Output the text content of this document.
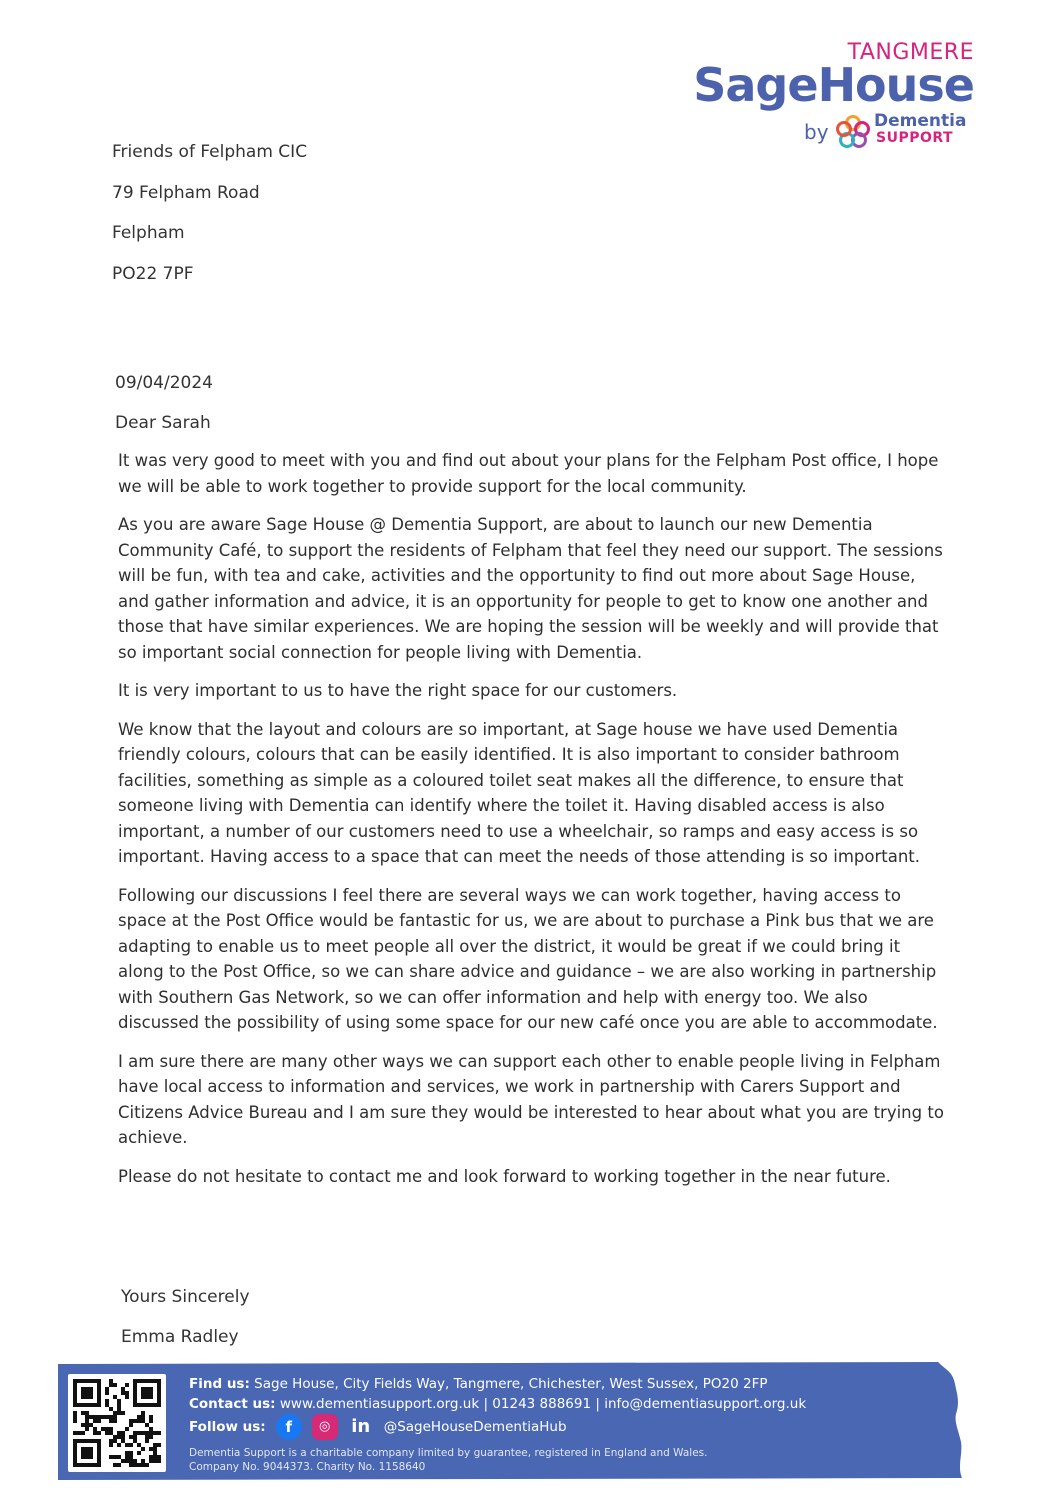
TANGMERE
SageHouse
by	Dementia
SUPPORT
Friends of Felpham CIC
79 Felpham Road
Felpham
PO22 7PF
09/04/2024
Dear Sarah

It was very good to meet with you and find out about your plans for the Felpham Post office, I hope we will be able to work together to provide support for the local community.

As you are aware Sage House @ Dementia Support, are about to launch our new Dementia Community Café, to support the residents of Felpham that feel they need our support. The sessions will be fun, with tea and cake, activities and the opportunity to find out more about Sage House, and gather information and advice, it is an opportunity for people to get to know one another and those that have similar experiences. We are hoping the session will be weekly and will provide that so important social connection for people living with Dementia.

It is very important to us to have the right space for our customers.

We know that the layout and colours are so important, at Sage house we have used Dementia friendly colours, colours that can be easily identified. It is also important to consider bathroom facilities, something as simple as a coloured toilet seat makes all the difference, to ensure that someone living with Dementia can identify where the toilet it. Having disabled access is also important, a number of our customers need to use a wheelchair, so ramps and easy access is so important. Having access to a space that can meet the needs of those attending is so important.

Following our discussions I feel there are several ways we can work together, having access to space at the Post Office would be fantastic for us, we are about to purchase a Pink bus that we are adapting to enable us to meet people all over the district, it would be great if we could bring it along to the Post Office, so we can share advice and guidance – we are also working in partnership with Southern Gas Network, so we can offer information and help with energy too. We also discussed the possibility of using some space for our new café once you are able to accommodate.

I am sure there are many other ways we can support each other to enable people living in Felpham have local access to information and services, we work in partnership with Carers Support and Citizens Advice Bureau and I am sure they would be interested to hear about what you are trying to achieve.

Please do not hesitate to contact me and look forward to working together in the near future.

Yours Sincerely
Emma Radley
Find us: Sage House, City Fields Way, Tangmere, Chichester, West Sussex, PO20 2FP
Contact us: www.dementiasupport.org.uk | 01243 888691 | info@dementiasupport.org.uk
Follow us:	f	◎	in @SageHouseDementiaHub
Dementia Support is a charitable company limited by guarantee, registered in England and Wales.
Company No. 9044373. Charity No. 1158640
